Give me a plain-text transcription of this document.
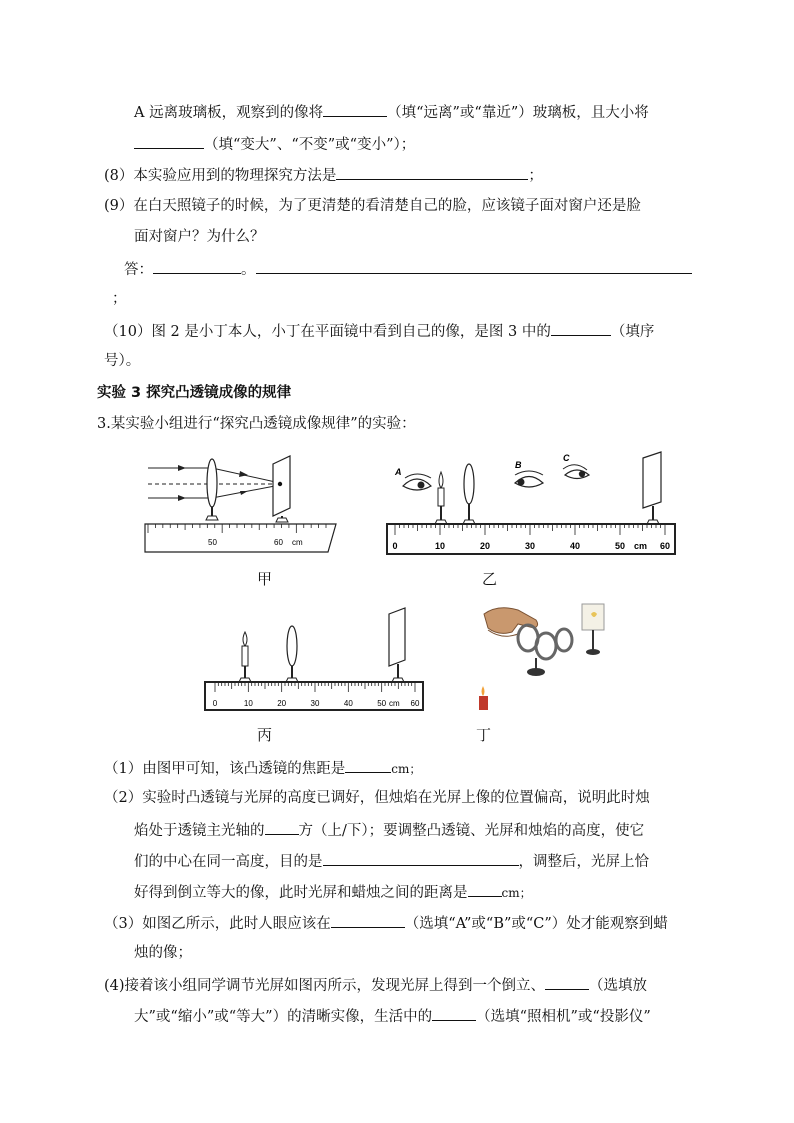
A 远离玻璃板，观察到的像将	（填“远离”或“靠近”）玻璃板，且大小将
（填“变大”、“不变”或“变小”）；
(8）本实验应用到的物理探究方法是	；
(9）在白天照镜子的时候，为了更清楚的看清楚自己的脸，应该镜子面对窗户还是脸
面对窗户？为什么？
答：	。
；
（10）图 2 是小丁本人，小丁在平面镜中看到自己的像，是图 3 中的	（填序
号）。
实验 3 探究凸透镜成像的规律
3.某实验小组进行“探究凸透镜成像规律”的实验：
50	60 cm
甲
A
B
C
0	10	20	30	40	50	60
cm
乙
0	10	20	30	40	50	60
cm
丙	丁
（1）由图甲可知，该凸透镜的焦距是	cm；
（2）实验时凸透镜与光屏的高度已调好，但烛焰在光屏上像的位置偏高，说明此时烛
焰处于透镜主光轴的 方（上/下）；要调整凸透镜、光屏和烛焰的高度，使它
们的中心在同一高度，目的是	，调整后，光屏上恰
好得到倒立等大的像，此时光屏和蜡烛之间的距离是	cm；
（3）如图乙所示，此时人眼应该在	（选填“A”或“B”或“C”）处才能观察到蜡
烛的像；
(4)接着该小组同学调节光屏如图丙所示，发现光屏上得到一个倒立、	（选填放
大”或“缩小”或“等大”）的清晰实像，生活中的	（选填“照相机”或“投影仪”
